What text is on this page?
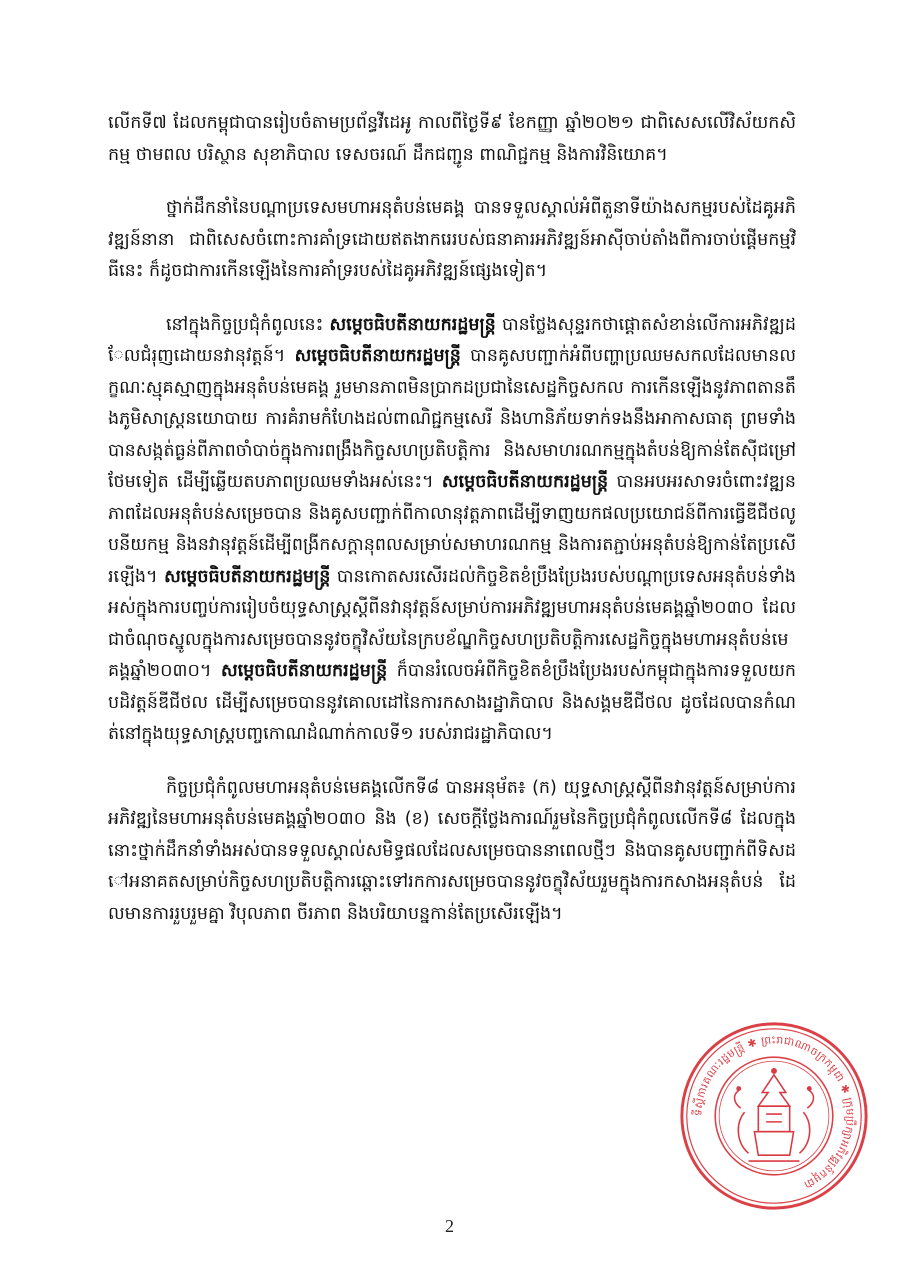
លើកទី៧ ដែលកម្ពុជាបានរៀបចំតាមប្រព័ន្ធវីដេអូ កាលពីថ្ងៃទី៩ ខែកញ្ញា ឆ្នាំ២០២១ ជាពិសេសលើវិស័យកសិកម្ម ថាមពល បរិស្ថាន សុខាភិបាល ទេសចរណ៍ ដឹកជញ្ជូន ពាណិជ្ជកម្ម និងការវិនិយោគ។

ថ្នាក់ដឹកនាំនៃបណ្តាប្រទេសមហាអនុតំបន់មេគង្គ បានទទួលស្គាល់អំពីតួនាទីយ៉ាងសកម្មរបស់ដៃគូអភិវឌ្ឍន៍នានា ជាពិសេសចំពោះការគាំទ្រដោយឥតងាករេរបស់ធនាគារអភិវឌ្ឍន៍អាស៊ីចាប់តាំងពីការចាប់ផ្តើមកម្មវិធីនេះ ក៏ដូចជាការកើនឡើងនៃការគាំទ្ររបស់ដៃគូអភិវឌ្ឍន៍ផ្សេងទៀត។

នៅក្នុងកិច្ចប្រជុំកំពូលនេះ សម្តេចធិបតីនាយករដ្ឋមន្ត្រី បានថ្លែងសុន្ទរកថាផ្តោតសំខាន់លើការអភិវឌ្ឍដែលជំរុញដោយនវានុវត្តន៍។ សម្តេចធិបតីនាយករដ្ឋមន្ត្រី បានគូសបញ្ជាក់អំពីបញ្ហាប្រឈមសកលដែលមានលក្ខណៈស្មុគស្មាញក្នុងអនុតំបន់មេគង្គ រួមមានភាពមិនប្រាកដប្រជានៃសេដ្ឋកិច្ចសកល ការកើនឡើងនូវភាពតានតឹងភូមិសាស្ត្រនយោបាយ ការគំរាមកំហែងដល់ពាណិជ្ជកម្មសេរី និងហានិភ័យទាក់ទងនឹងអាកាសធាតុ ព្រមទាំងបានសង្កត់ធ្ងន់ពីភាពចាំបាច់ក្នុងការពង្រឹងកិច្ចសហប្រតិបត្តិការ និងសមាហរណកម្មក្នុងតំបន់ឱ្យកាន់តែស៊ីជម្រៅថែមទៀត ដើម្បីឆ្លើយតបភាពប្រឈមទាំងអស់នេះ។ សម្តេចធិបតីនាយករដ្ឋមន្ត្រី បានអបអរសាទរចំពោះវឌ្ឍនភាពដែលអនុតំបន់សម្រេចបាន និងគូសបញ្ជាក់ពីកាលានុវត្តភាពដើម្បីទាញយកផលប្រយោជន៍ពីការធ្វើឌីជីថលូបនីយកម្ម និងនវានុវត្តន៍ដើម្បីពង្រីកសក្តានុពលសម្រាប់សមាហរណកម្ម និងការតភ្ជាប់អនុតំបន់ឱ្យកាន់តែប្រសើរឡើង។ សម្តេចធិបតីនាយករដ្ឋមន្ត្រី បានកោតសរសើរដល់កិច្ចខិតខំប្រឹងប្រែងរបស់បណ្តាប្រទេសអនុតំបន់ទាំងអស់ក្នុងការបញ្ចប់ការរៀបចំយុទ្ធសាស្ត្រស្តីពីនវានុវត្តន៍សម្រាប់ការអភិវឌ្ឍមហាអនុតំបន់មេគង្គឆ្នាំ២០៣០ ដែលជាចំណុចស្នូលក្នុងការសម្រេចបាននូវចក្ខុវិស័យនៃក្របខ័ណ្ឌកិច្ចសហប្រតិបត្តិការសេដ្ឋកិច្ចក្នុងមហាអនុតំបន់មេគង្គឆ្នាំ២០៣០។ សម្តេចធិបតីនាយករដ្ឋមន្ត្រី ក៏បានរំលេចអំពីកិច្ចខិតខំប្រឹងប្រែងរបស់កម្ពុជាក្នុងការទទួលយកបដិវត្តន៍ឌីជីថល ដើម្បីសម្រេចបាននូវគោលដៅនៃការកសាងរដ្ឋាភិបាល និងសង្គមឌីជីថល ដូចដែលបានកំណត់នៅក្នុងយុទ្ធសាស្ត្របញ្ចកោណដំណាក់កាលទី១ របស់រាជរដ្ឋាភិបាល។

កិច្ចប្រជុំកំពូលមហាអនុតំបន់មេគង្គលើកទី៨ បានអនុម័ត៖ (ក) យុទ្ធសាស្ត្រស្តីពីនវានុវត្តន៍សម្រាប់ការអភិវឌ្ឍនៃមហាអនុតំបន់មេគង្គឆ្នាំ២០៣០ និង (ខ) សេចក្តីថ្លែងការណ៍រួមនៃកិច្ចប្រជុំកំពូលលើកទី៨ ដែលក្នុងនោះថ្នាក់ដឹកនាំទាំងអស់បានទទួលស្គាល់សមិទ្ធផលដែលសម្រេចបាននាពេលថ្មីៗ និងបានគូសបញ្ជាក់ពីទិសដៅអនាគតសម្រាប់កិច្ចសហប្រតិបត្តិការឆ្ពោះទៅរកការសម្រេចបាននូវចក្ខុវិស័យរួមក្នុងការកសាងអនុតំបន់ ដែលមានការរួបរួមគ្នា វិបុលភាព ចីរភាព និងបរិយាបន្នកាន់តែប្រសើរឡើង។

ទីស្តីការគណៈរដ្ឋមន្ត្រី ✱ ព្រះរាជាណាចក្រកម្ពុជា ✱ ក្រុមប្រឹក្សាអភិវឌ្ឍន៍កម្ពុជា
2
